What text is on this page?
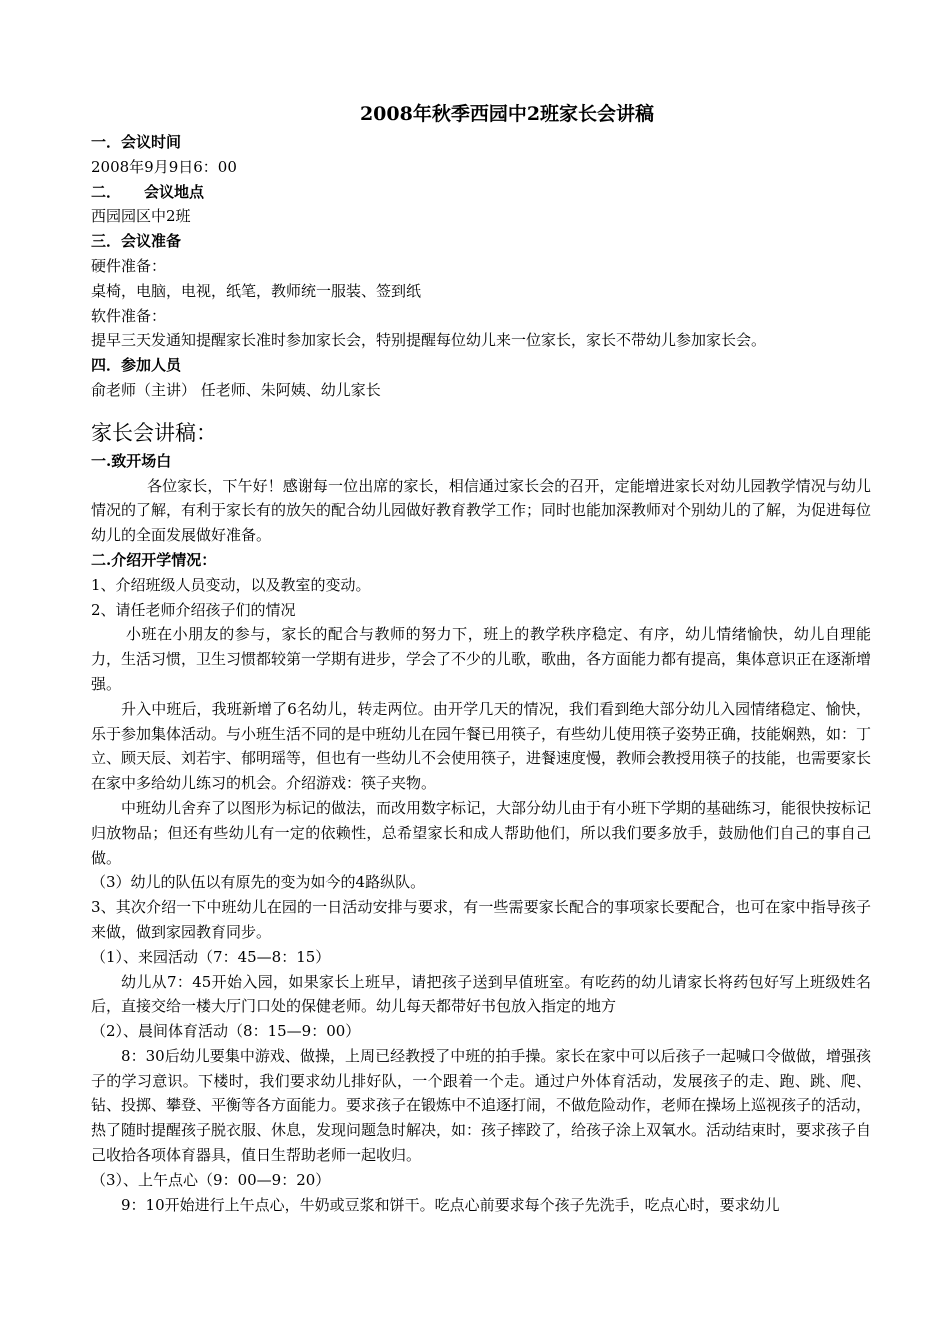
2008年秋季西园中2班家长会讲稿
一．会议时间
2008年9月9日6：00
二． 会议地点
西园园区中2班
三．会议准备
硬件准备：
桌椅，电脑，电视，纸笔，教师统一服装、签到纸
软件准备：
提早三天发通知提醒家长准时参加家长会，特别提醒每位幼儿来一位家长，家长不带幼儿参加家长会。
四．参加人员
俞老师（主讲） 任老师、朱阿姨、幼儿家长
家长会讲稿：
一.致开场白
各位家长，下午好！感谢每一位出席的家长，相信通过家长会的召开，定能增进家长对幼儿园教学情况与幼儿情况的了解，有利于家长有的放矢的配合幼儿园做好教育教学工作；同时也能加深教师对个别幼儿的了解，为促进每位幼儿的全面发展做好准备。
二.介绍开学情况：
1、介绍班级人员变动，以及教室的变动。
2、请任老师介绍孩子们的情况
小班在小朋友的参与，家长的配合与教师的努力下，班上的教学秩序稳定、有序，幼儿情绪愉快，幼儿自理能力，生活习惯，卫生习惯都较第一学期有进步，学会了不少的儿歌，歌曲，各方面能力都有提高，集体意识正在逐渐增强。
升入中班后，我班新增了6名幼儿，转走两位。由开学几天的情况，我们看到绝大部分幼儿入园情绪稳定、愉快，乐于参加集体活动。与小班生活不同的是中班幼儿在园午餐已用筷子，有些幼儿使用筷子姿势正确，技能娴熟，如：丁立、顾天辰、刘若宇、郁明瑶等，但也有一些幼儿不会使用筷子，进餐速度慢，教师会教授用筷子的技能，也需要家长在家中多给幼儿练习的机会。介绍游戏：筷子夹物。
中班幼儿舍弃了以图形为标记的做法，而改用数字标记，大部分幼儿由于有小班下学期的基础练习，能很快按标记归放物品；但还有些幼儿有一定的依赖性，总希望家长和成人帮助他们，所以我们要多放手，鼓励他们自己的事自己做。
（3）幼儿的队伍以有原先的变为如今的4路纵队。
3、其次介绍一下中班幼儿在园的一日活动安排与要求，有一些需要家长配合的事项家长要配合，也可在家中指导孩子来做，做到家园教育同步。
（1）、来园活动（7：45—8：15）
幼儿从7：45开始入园，如果家长上班早，请把孩子送到早值班室。有吃药的幼儿请家长将药包好写上班级姓名后，直接交给一楼大厅门口处的保健老师。幼儿每天都带好书包放入指定的地方
（2）、晨间体育活动（8：15—9：00）
8：30后幼儿要集中游戏、做操，上周已经教授了中班的拍手操。家长在家中可以后孩子一起喊口令做做，增强孩子的学习意识。下楼时，我们要求幼儿排好队，一个跟着一个走。通过户外体育活动，发展孩子的走、跑、跳、爬、钻、投掷、攀登、平衡等各方面能力。要求孩子在锻炼中不追逐打闹，不做危险动作，老师在操场上巡视孩子的活动，热了随时提醒孩子脱衣服、休息，发现问题急时解决，如：孩子摔跤了，给孩子涂上双氧水。活动结束时，要求孩子自己收拾各项体育器具，值日生帮助老师一起收归。
（3）、上午点心（9：00—9：20）
9：10开始进行上午点心，牛奶或豆浆和饼干。吃点心前要求每个孩子先洗手，吃点心时，要求幼儿
